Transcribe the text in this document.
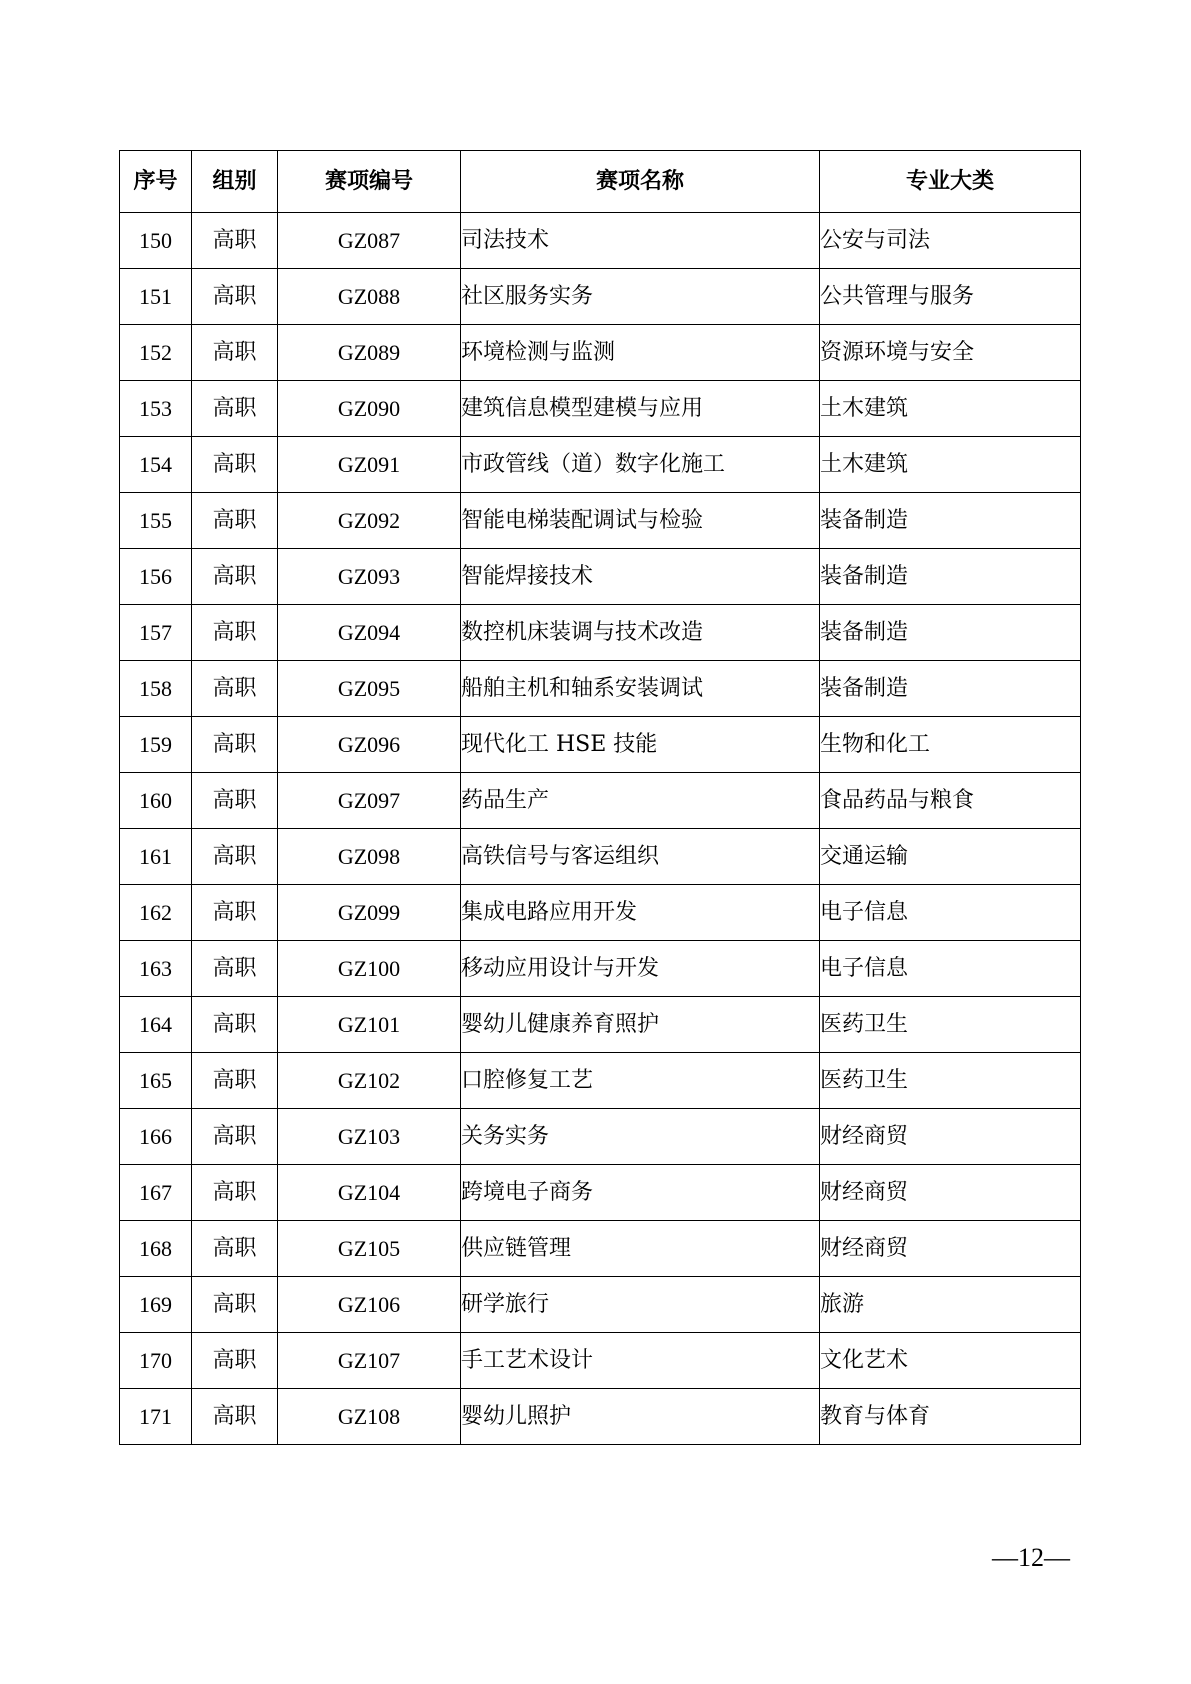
序号	组别	赛项编号	赛项名称	专业大类
150	高职	GZ087	司法技术	公安与司法
151	高职	GZ088	社区服务实务	公共管理与服务
152	高职	GZ089	环境检测与监测	资源环境与安全
153	高职	GZ090	建筑信息模型建模与应用	土木建筑
154	高职	GZ091	市政管线（道）数字化施工	土木建筑
155	高职	GZ092	智能电梯装配调试与检验	装备制造
156	高职	GZ093	智能焊接技术	装备制造
157	高职	GZ094	数控机床装调与技术改造	装备制造
158	高职	GZ095	船舶主机和轴系安装调试	装备制造
159	高职	GZ096	现代化工 HSE 技能	生物和化工
160	高职	GZ097	药品生产	食品药品与粮食
161	高职	GZ098	高铁信号与客运组织	交通运输
162	高职	GZ099	集成电路应用开发	电子信息
163	高职	GZ100	移动应用设计与开发	电子信息
164	高职	GZ101	婴幼儿健康养育照护	医药卫生
165	高职	GZ102	口腔修复工艺	医药卫生
166	高职	GZ103	关务实务	财经商贸
167	高职	GZ104	跨境电子商务	财经商贸
168	高职	GZ105	供应链管理	财经商贸
169	高职	GZ106	研学旅行	旅游
170	高职	GZ107	手工艺术设计	文化艺术
171	高职	GZ108	婴幼儿照护	教育与体育
—12—
